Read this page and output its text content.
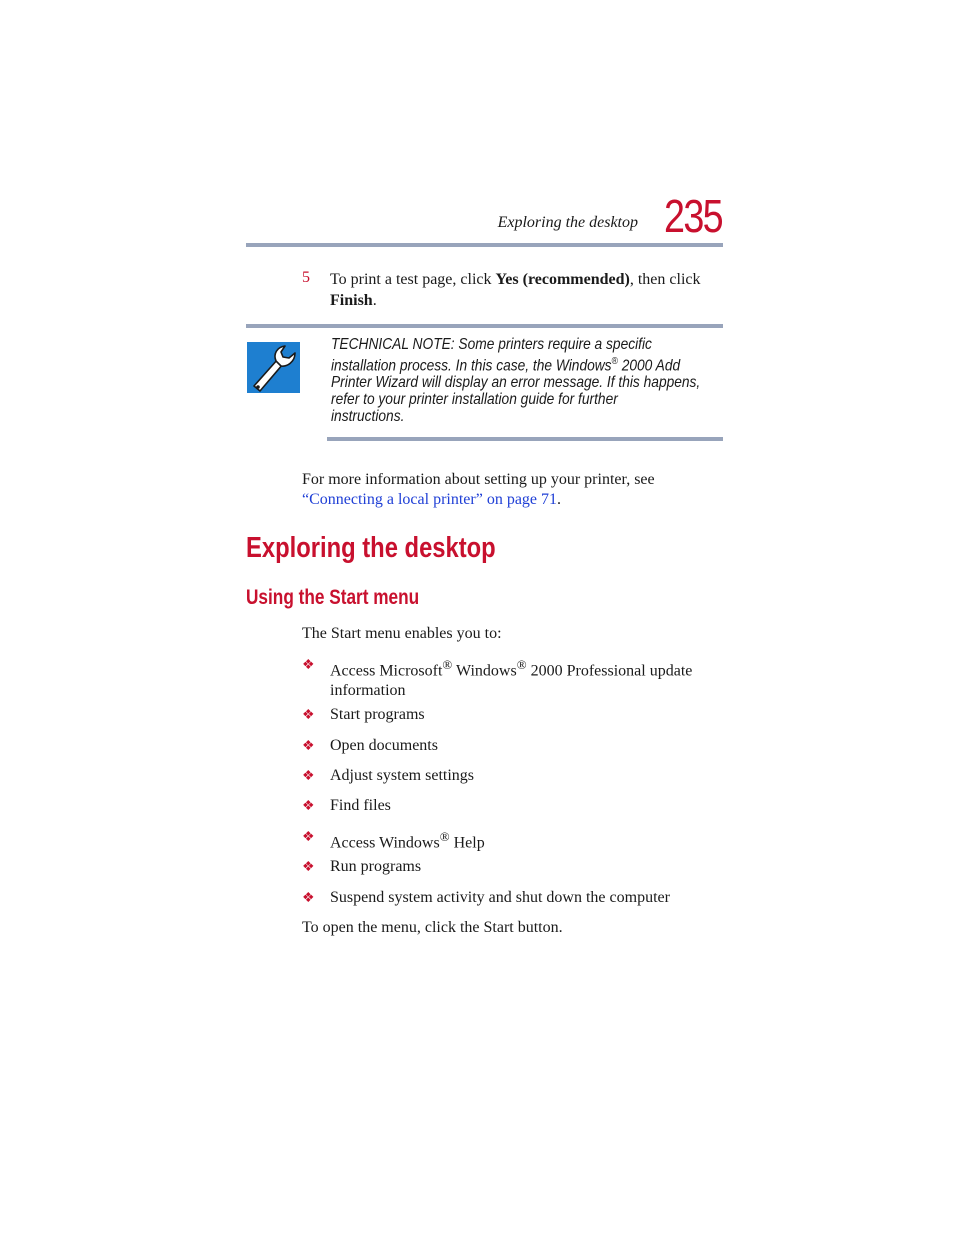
Exploring the desktop 235
5 To print a test page, click Yes (recommended), then click
Finish.
TECHNICAL NOTE: Some printers require a specific
installation process. In this case, the Windows® 2000 Add
Printer Wizard will display an error message. If this happens,
refer to your printer installation guide for further
instructions.
For more information about setting up your printer, see
“Connecting a local printer” on page 71.
Exploring the desktop
Using the Start menu
The Start menu enables you to:
❖ Access Microsoft® Windows® 2000 Professional update
information
❖ Start programs
❖ Open documents
❖ Adjust system settings
❖ Find files
❖ Access Windows® Help
❖ Run programs
❖ Suspend system activity and shut down the computer
To open the menu, click the Start button.
